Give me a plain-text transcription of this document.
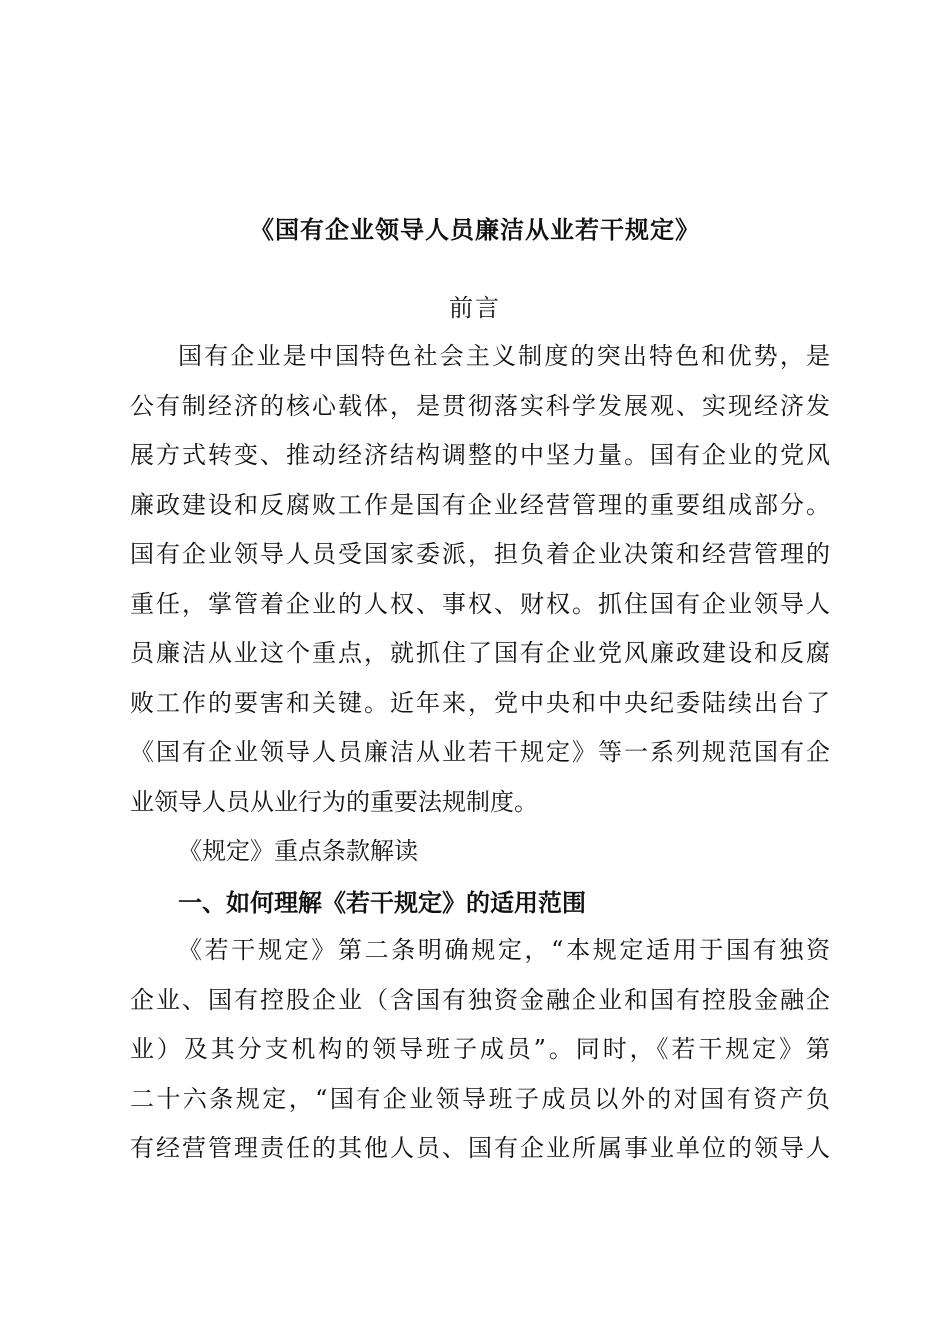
《国有企业领导人员廉洁从业若干规定》
前言
国有企业是中国特色社会主义制度的突出特色和优势，是
公有制经济的核心载体，是贯彻落实科学发展观、实现经济发
展方式转变、推动经济结构调整的中坚力量。国有企业的党风
廉政建设和反腐败工作是国有企业经营管理的重要组成部分。
国有企业领导人员受国家委派，担负着企业决策和经营管理的
重任，掌管着企业的人权、事权、财权。抓住国有企业领导人
员廉洁从业这个重点，就抓住了国有企业党风廉政建设和反腐
败工作的要害和关键。近年来，党中央和中央纪委陆续出台了
《国有企业领导人员廉洁从业若干规定》等一系列规范国有企
业领导人员从业行为的重要法规制度。
《规定》重点条款解读
一、如何理解《若干规定》的适用范围
《若干规定》第二条明确规定，“本规定适用于国有独资
企业、国有控股企业（含国有独资金融企业和国有控股金融企
业）及其分支机构的领导班子成员”。同时，《若干规定》第
二十六条规定，“国有企业领导班子成员以外的对国有资产负
有经营管理责任的其他人员、国有企业所属事业单位的领导人
